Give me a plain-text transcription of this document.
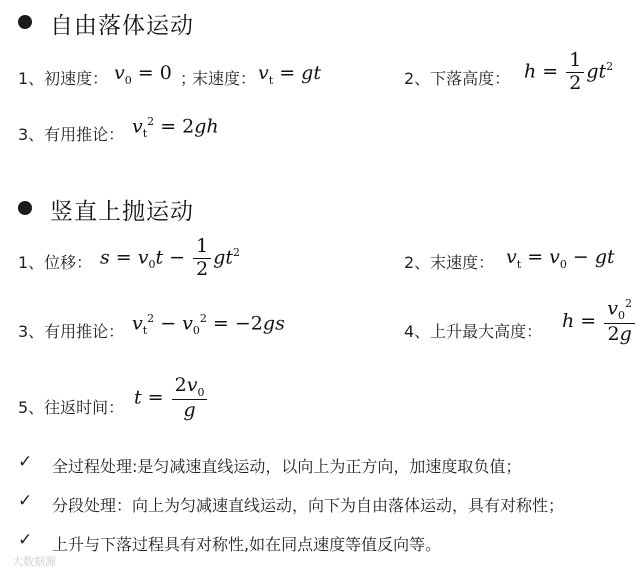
自由落体运动
1、初速度： $v_0 = 0$ ；
末速度： $v_t$ = gt	2、下落高度： $h = \frac{1}{2} gt^2$
3、有用推论： $v_t^2 = 2gh$
竖直上抛运动
1、位移： $s = v_0t - \frac{1}{2} gt^2$
2、末速度： $v_t = v_0$ − gt
3、有用推论： $v_t^2 - v_0^2 = -2gs$	4、上升最大高度： $h = \frac{v_0^2}{2g}$
5、往返时间： $t = \frac{2v_0}{g}$
✓ 全过程处理:是匀减速直线运动，以向上为正方向，加速度取负值；
✓ 分段处理：向上为匀减速直线运动，向下为自由落体运动，具有对称性；
✓ 上升与下落过程具有对称性,如在同点速度等值反向等。
大数据源
